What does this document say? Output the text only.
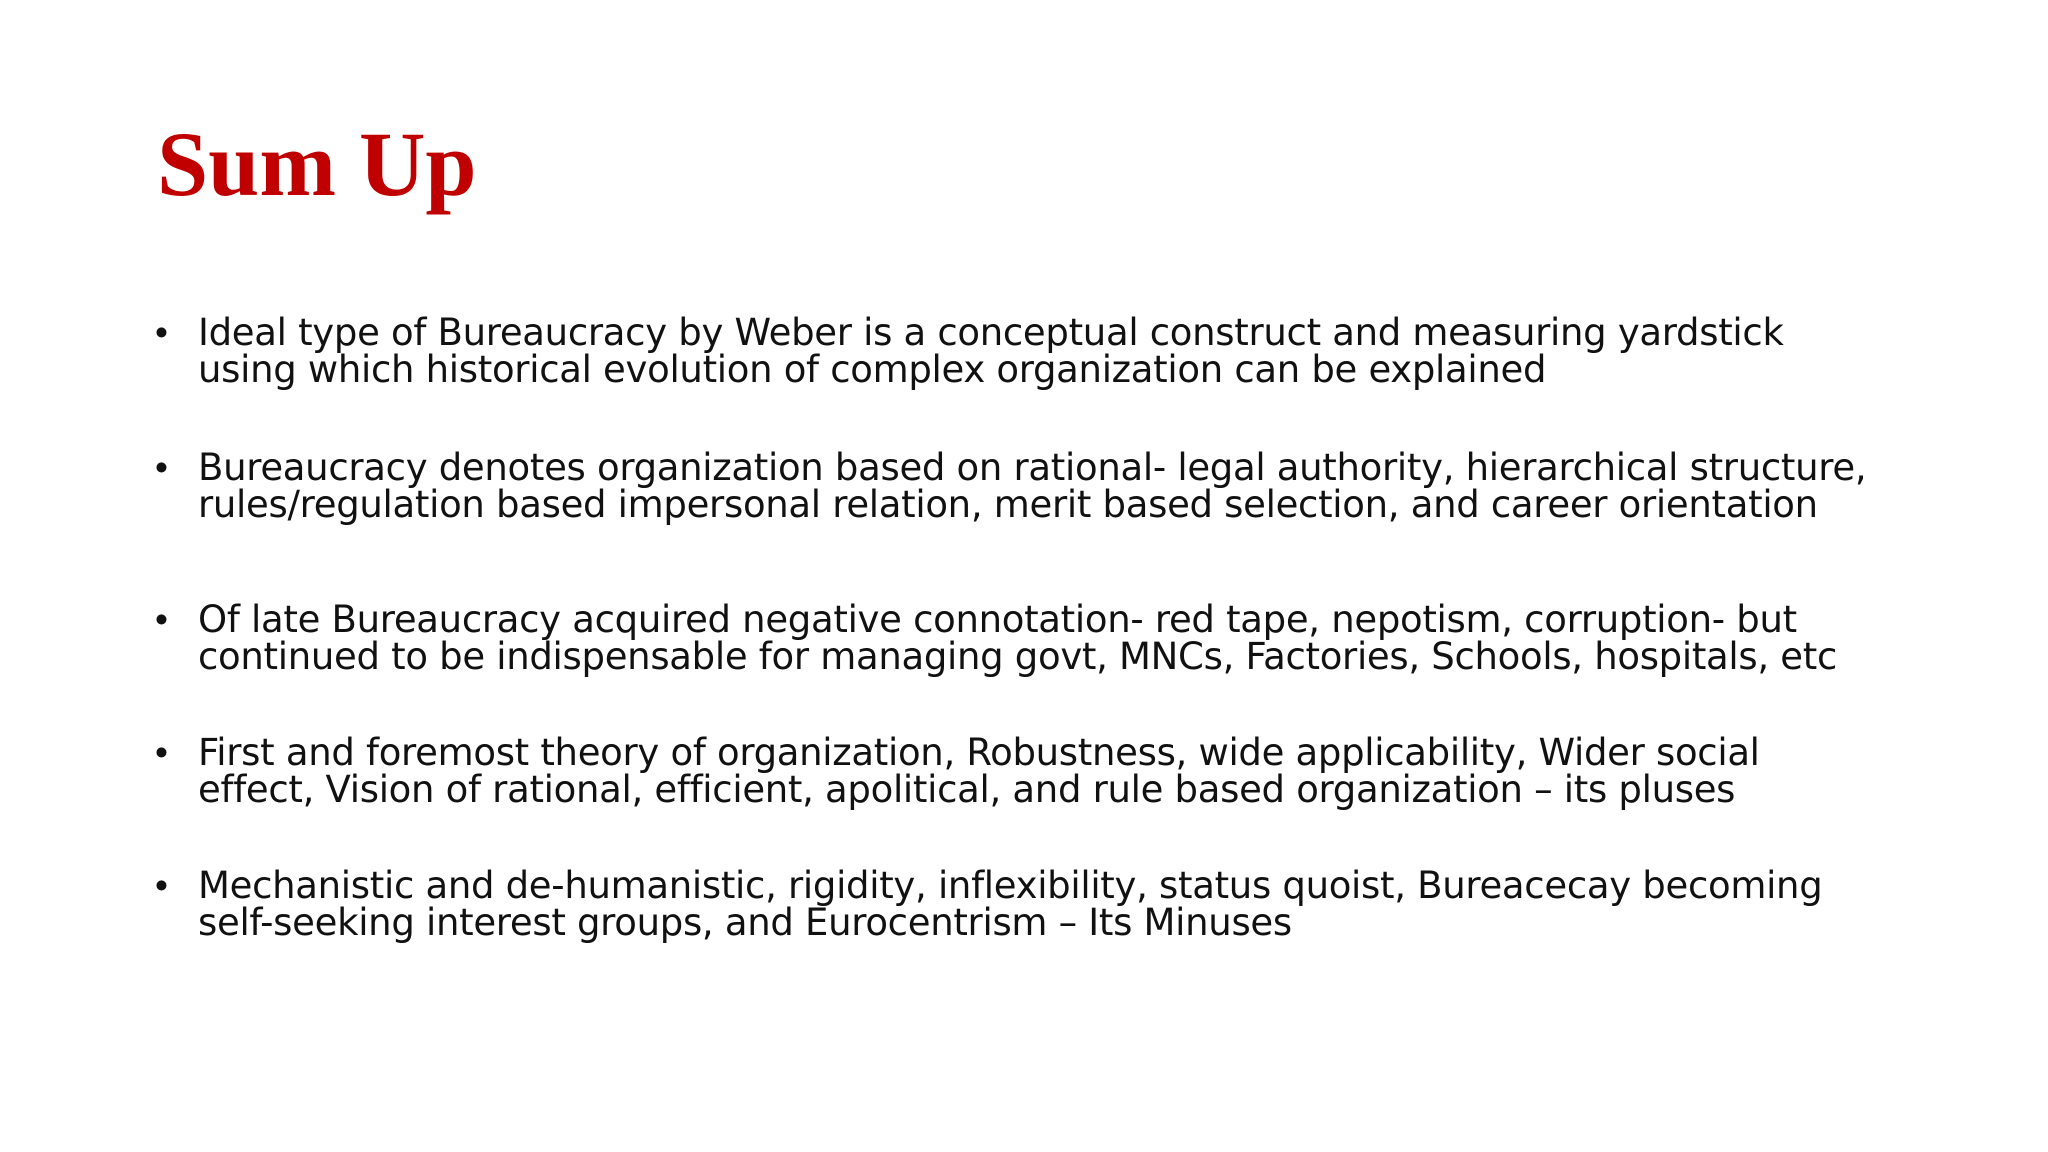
Sum Up
• Ideal type of Bureaucracy by Weber is a conceptual construct and measuring yardstick using which historical evolution of complex organization can be explained
• Bureaucracy denotes organization based on rational- legal authority, hierarchical structure, rules/regulation based impersonal relation, merit based selection, and career orientation
• Of late Bureaucracy acquired negative connotation- red tape, nepotism, corruption- but continued to be indispensable for managing govt, MNCs, Factories, Schools, hospitals, etc
• First and foremost theory of organization, Robustness, wide applicability, Wider social effect, Vision of rational, efficient, apolitical, and rule based organization – its pluses
• Mechanistic and de-humanistic, rigidity, inflexibility, status quoist, Bureacecay becoming self-seeking interest groups, and Eurocentrism – Its Minuses
